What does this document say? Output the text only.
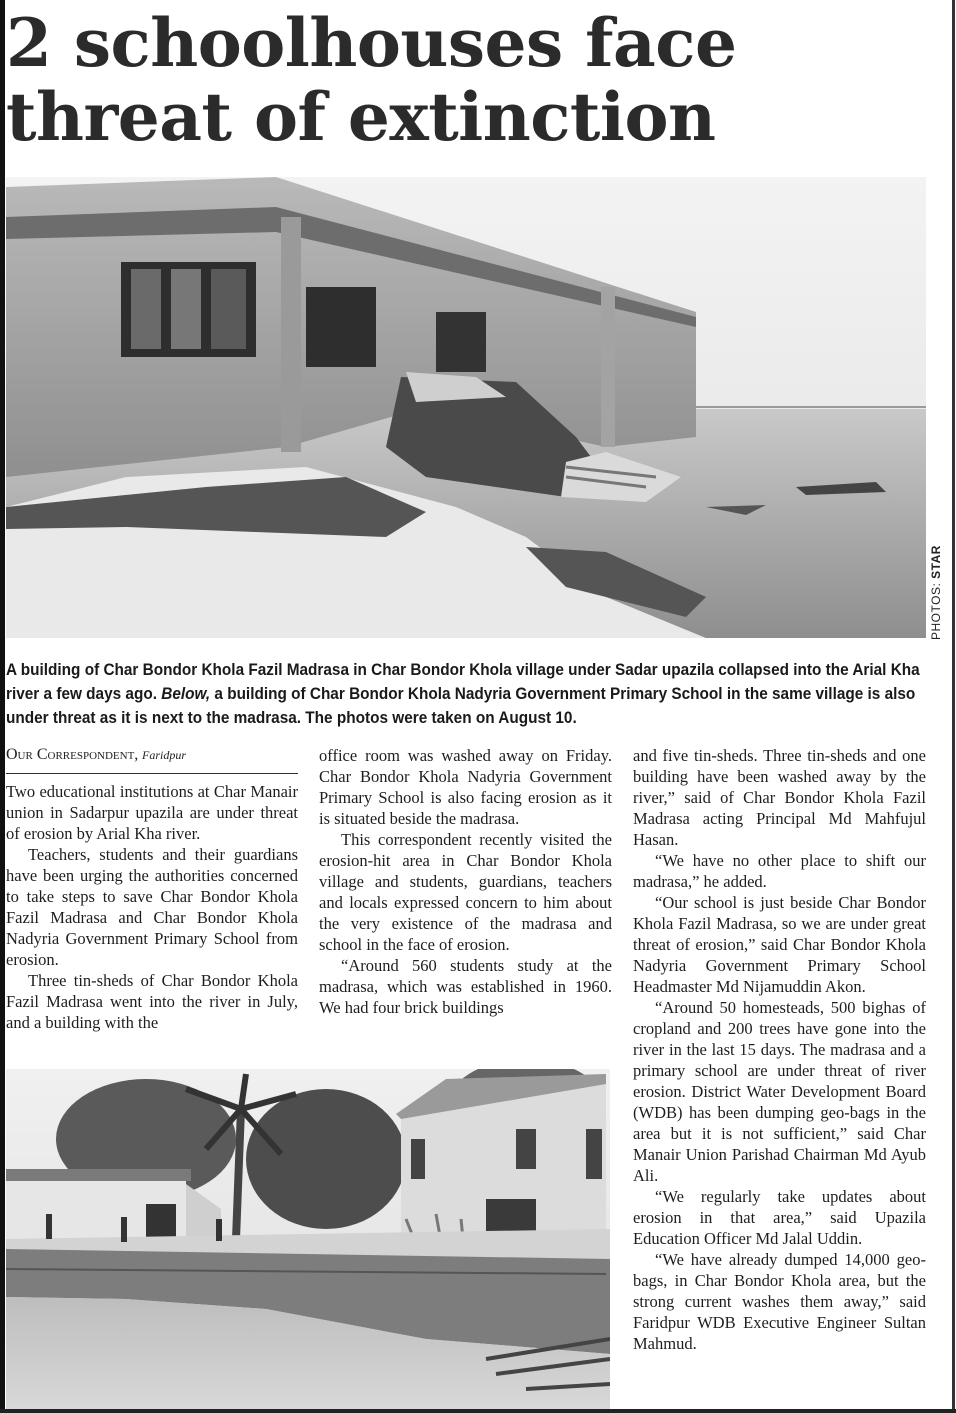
2 schoolhouses face threat of extinction
PHOTOS: STAR

A building of Char Bondor Khola Fazil Madrasa in Char Bondor Khola village under Sadar upazila collapsed into the Arial Kha river a few days ago. Below, a building of Char Bondor Khola Nadyria Government Primary School in the same village is also under threat as it is next to the madrasa. The photos were taken on August 10.

Our Correspondent, Faridpur

Two educational institutions at Char Manair union in Sadarpur upazila are under threat of erosion by Arial Kha river.

Teachers, students and their guardians have been urging the authorities concerned to take steps to save Char Bondor Khola Fazil Madrasa and Char Bondor Khola Nadyria Government Primary School from erosion.

Three tin-sheds of Char Bondor Khola Fazil Madrasa went into the river in July, and a building with the

office room was washed away on Friday. Char Bondor Khola Nadyria Government Primary School is also facing erosion as it is situated beside the madrasa.

This correspondent recently visited the erosion-hit area in Char Bondor Khola village and students, guardians, teachers and locals expressed concern to him about the very existence of the madrasa and school in the face of erosion.

“Around 560 students study at the madrasa, which was established in 1960. We had four brick buildings

and five tin-sheds. Three tin-sheds and one building have been washed away by the river,” said of Char Bondor Khola Fazil Madrasa acting Principal Md Mahfujul Hasan.

“We have no other place to shift our madrasa,” he added.

“Our school is just beside Char Bondor Khola Fazil Madrasa, so we are under great threat of erosion,” said Char Bondor Khola Nadyria Government Primary School Headmaster Md Nijamuddin Akon.

“Around 50 homesteads, 500 bighas of cropland and 200 trees have gone into the river in the last 15 days. The madrasa and a primary school are under threat of river erosion. District Water Development Board (WDB) has been dumping geo-bags in the area but it is not sufficient,” said Char Manair Union Parishad Chairman Md Ayub Ali.

“We regularly take updates about erosion in that area,” said Upazila Education Officer Md Jalal Uddin.

“We have already dumped 14,000 geo-bags, in Char Bondor Khola area, but the strong current washes them away,” said Faridpur WDB Executive Engineer Sultan Mahmud.
